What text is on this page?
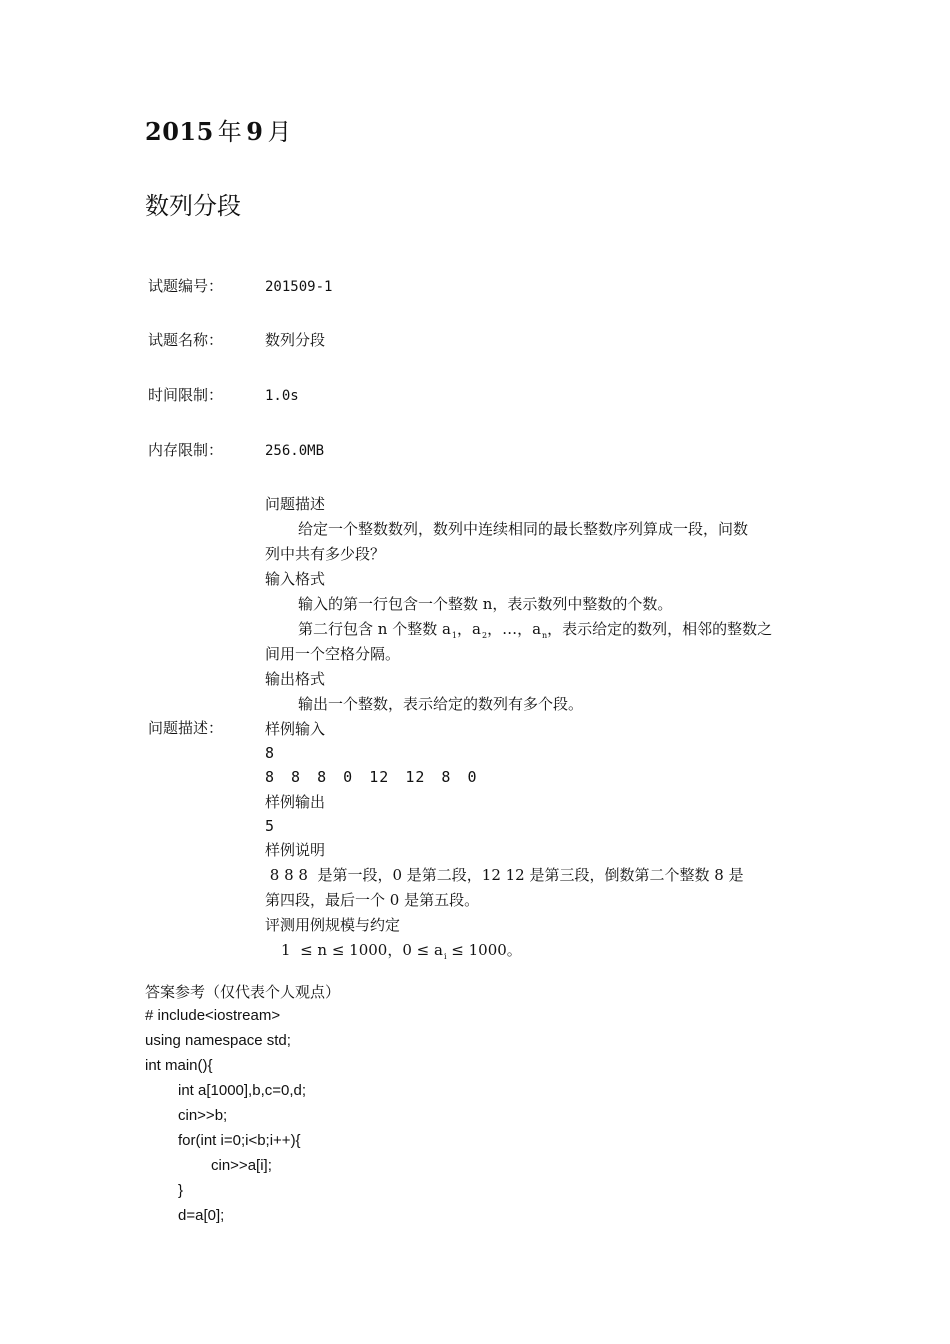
2015 年 9 月
数列分段
试题编号：	201509-1
试题名称：	数列分段
时间限制：	1.0s
内存限制：	256.0MB
问题描述：
问题描述
给定一个整数数列，数列中连续相同的最长整数序列算成一段，问数
列中共有多少段？
输入格式
输入的第一行包含一个整数 n，表示数列中整数的个数。
第二行包含 n 个整数 $a_1$，$a_2$，…，$a_n$，表示给定的数列，相邻的整数之
间用一个空格分隔。
输出格式
输出一个整数，表示给定的数列有多个段。
样例输入
8
8 8 8 0 12 12 8 0
样例输出
5
样例说明
8 8 8  是第一段，0 是第二段，12 12 是第三段，倒数第二个整数 8 是
第四段，最后一个 0 是第五段。
评测用例规模与约定
1  ≤ n ≤ 1000，$0 \le a_i \le 1000$。
答案参考（仅代表个人观点）
# include<iostream>
using namespace std;
int main(){
int a[1000],b,c=0,d;
cin>>b;
for(int i=0;i<b;i++){
cin>>a[i];
}
d=a[0];
